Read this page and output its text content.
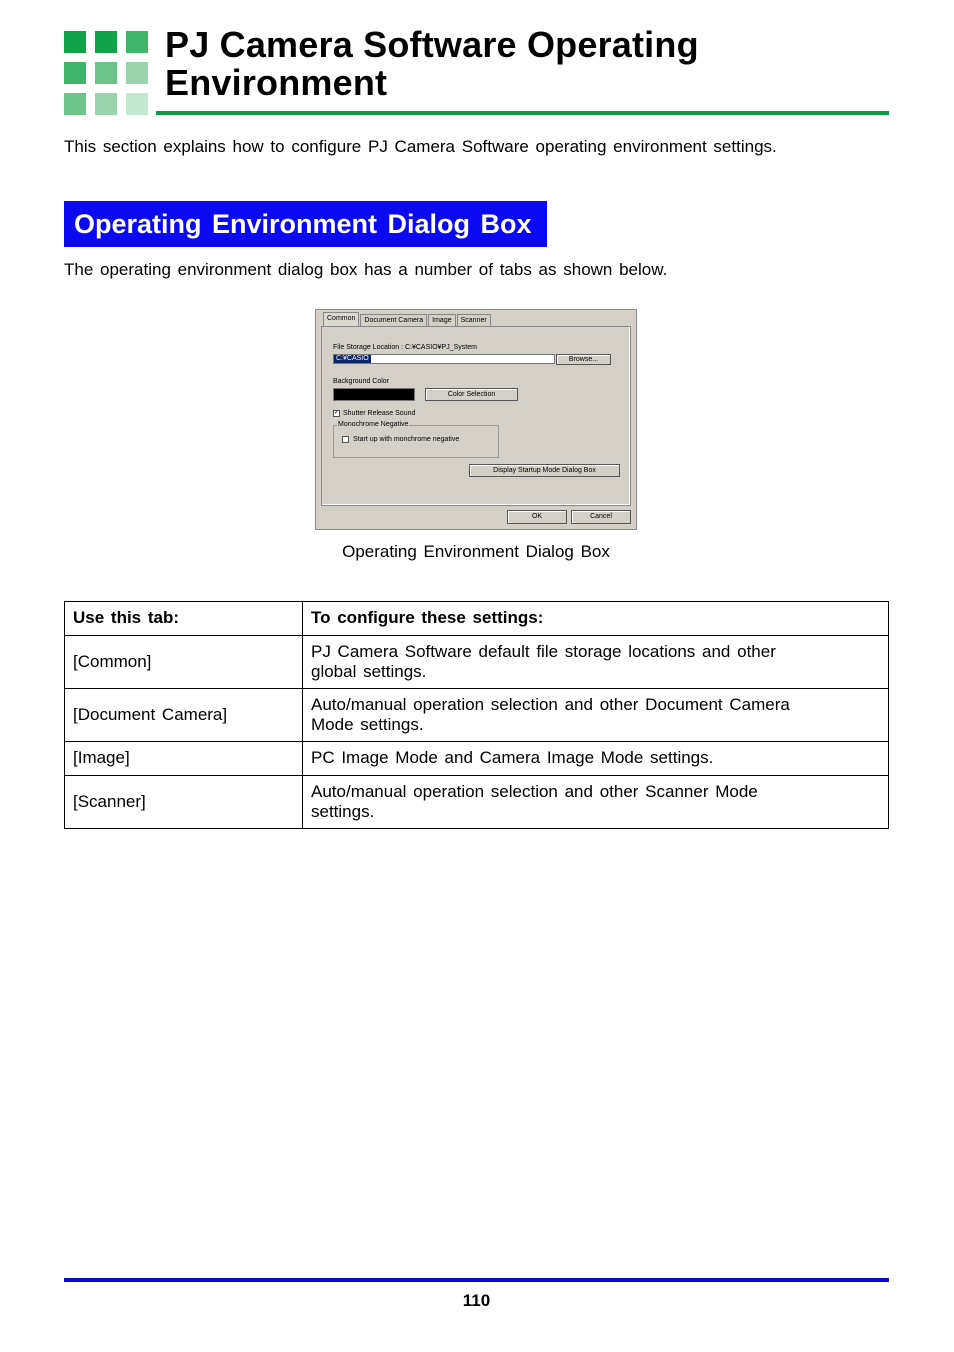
PJ Camera Software Operating
Environment
This section explains how to configure PJ Camera Software operating environment settings.
Operating Environment Dialog Box
The operating environment dialog box has a number of tabs as shown below.
Common	Document Camera	Image	Scanner
File Storage Location : C:¥CASIO¥PJ_System
C:¥CASIO	Browse...
Background Color
Color Selection
✓ Shutter Release Sound
Monochrome Negative
Start up with monchrome negative
Display Startup Mode Dialog Box
OK	Cancel
Operating Environment Dialog Box
Use this tab:	To configure these settings:
[Common]	PJ Camera Software default file storage locations and other
global settings.

[Document Camera]	Auto/manual operation selection and other Document Camera
Mode settings.

[Image]	PC Image Mode and Camera Image Mode settings.

[Scanner]	Auto/manual operation selection and other Scanner Mode
settings.
110
